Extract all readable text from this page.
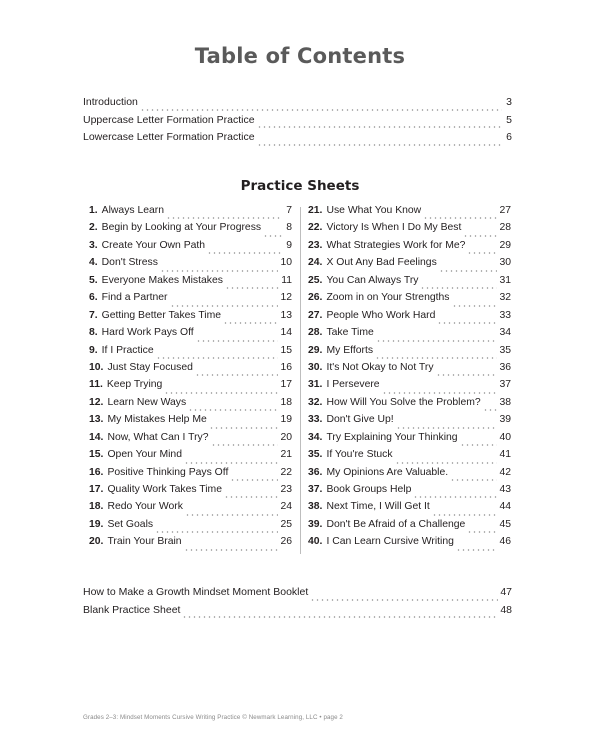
Table of Contents
Introduction	3
Uppercase Letter Formation Practice	5
Lowercase Letter Formation Practice	6
Practice Sheets
1. Always Learn	7
2. Begin by Looking at Your Progress 8
3. Create Your Own Path	9
4. Don't Stress	10
5. Everyone Makes Mistakes	11
6. Find a Partner	12
7. Getting Better Takes Time	13
8. Hard Work Pays Off	14
9. If I Practice	15
10. Just Stay Focused	16
11. Keep Trying	17
12. Learn New Ways	18
13. My Mistakes Help Me	19
14. Now, What Can I Try?	20
15. Open Your Mind	21
16. Positive Thinking Pays Off	22
17. Quality Work Takes Time	23
18. Redo Your Work	24
19. Set Goals	25
20. Train Your Brain	26
21. Use What You Know	27
22. Victory Is When I Do My Best	28
23. What Strategies Work for Me?	29
24. X Out Any Bad Feelings	30
25. You Can Always Try	31
26. Zoom in on Your Strengths	32
27. People Who Work Hard	33
28. Take Time	34
29. My Efforts	35
30. It's Not Okay to Not Try	36
31. I Persevere	37
32. How Will You Solve the Problem? 38
33. Don't Give Up!	39
34. Try Explaining Your Thinking	40
35. If You're Stuck	41
36. My Opinions Are Valuable.	42
37. Book Groups Help	43
38. Next Time, I Will Get It	44
39. Don't Be Afraid of a Challenge	45
40. I Can Learn Cursive Writing	46
How to Make a Growth Mindset Moment Booklet	47
Blank Practice Sheet	48
Grades 2–3: Mindset Moments Cursive Writing Practice © Newmark Learning, LLC • page 2
